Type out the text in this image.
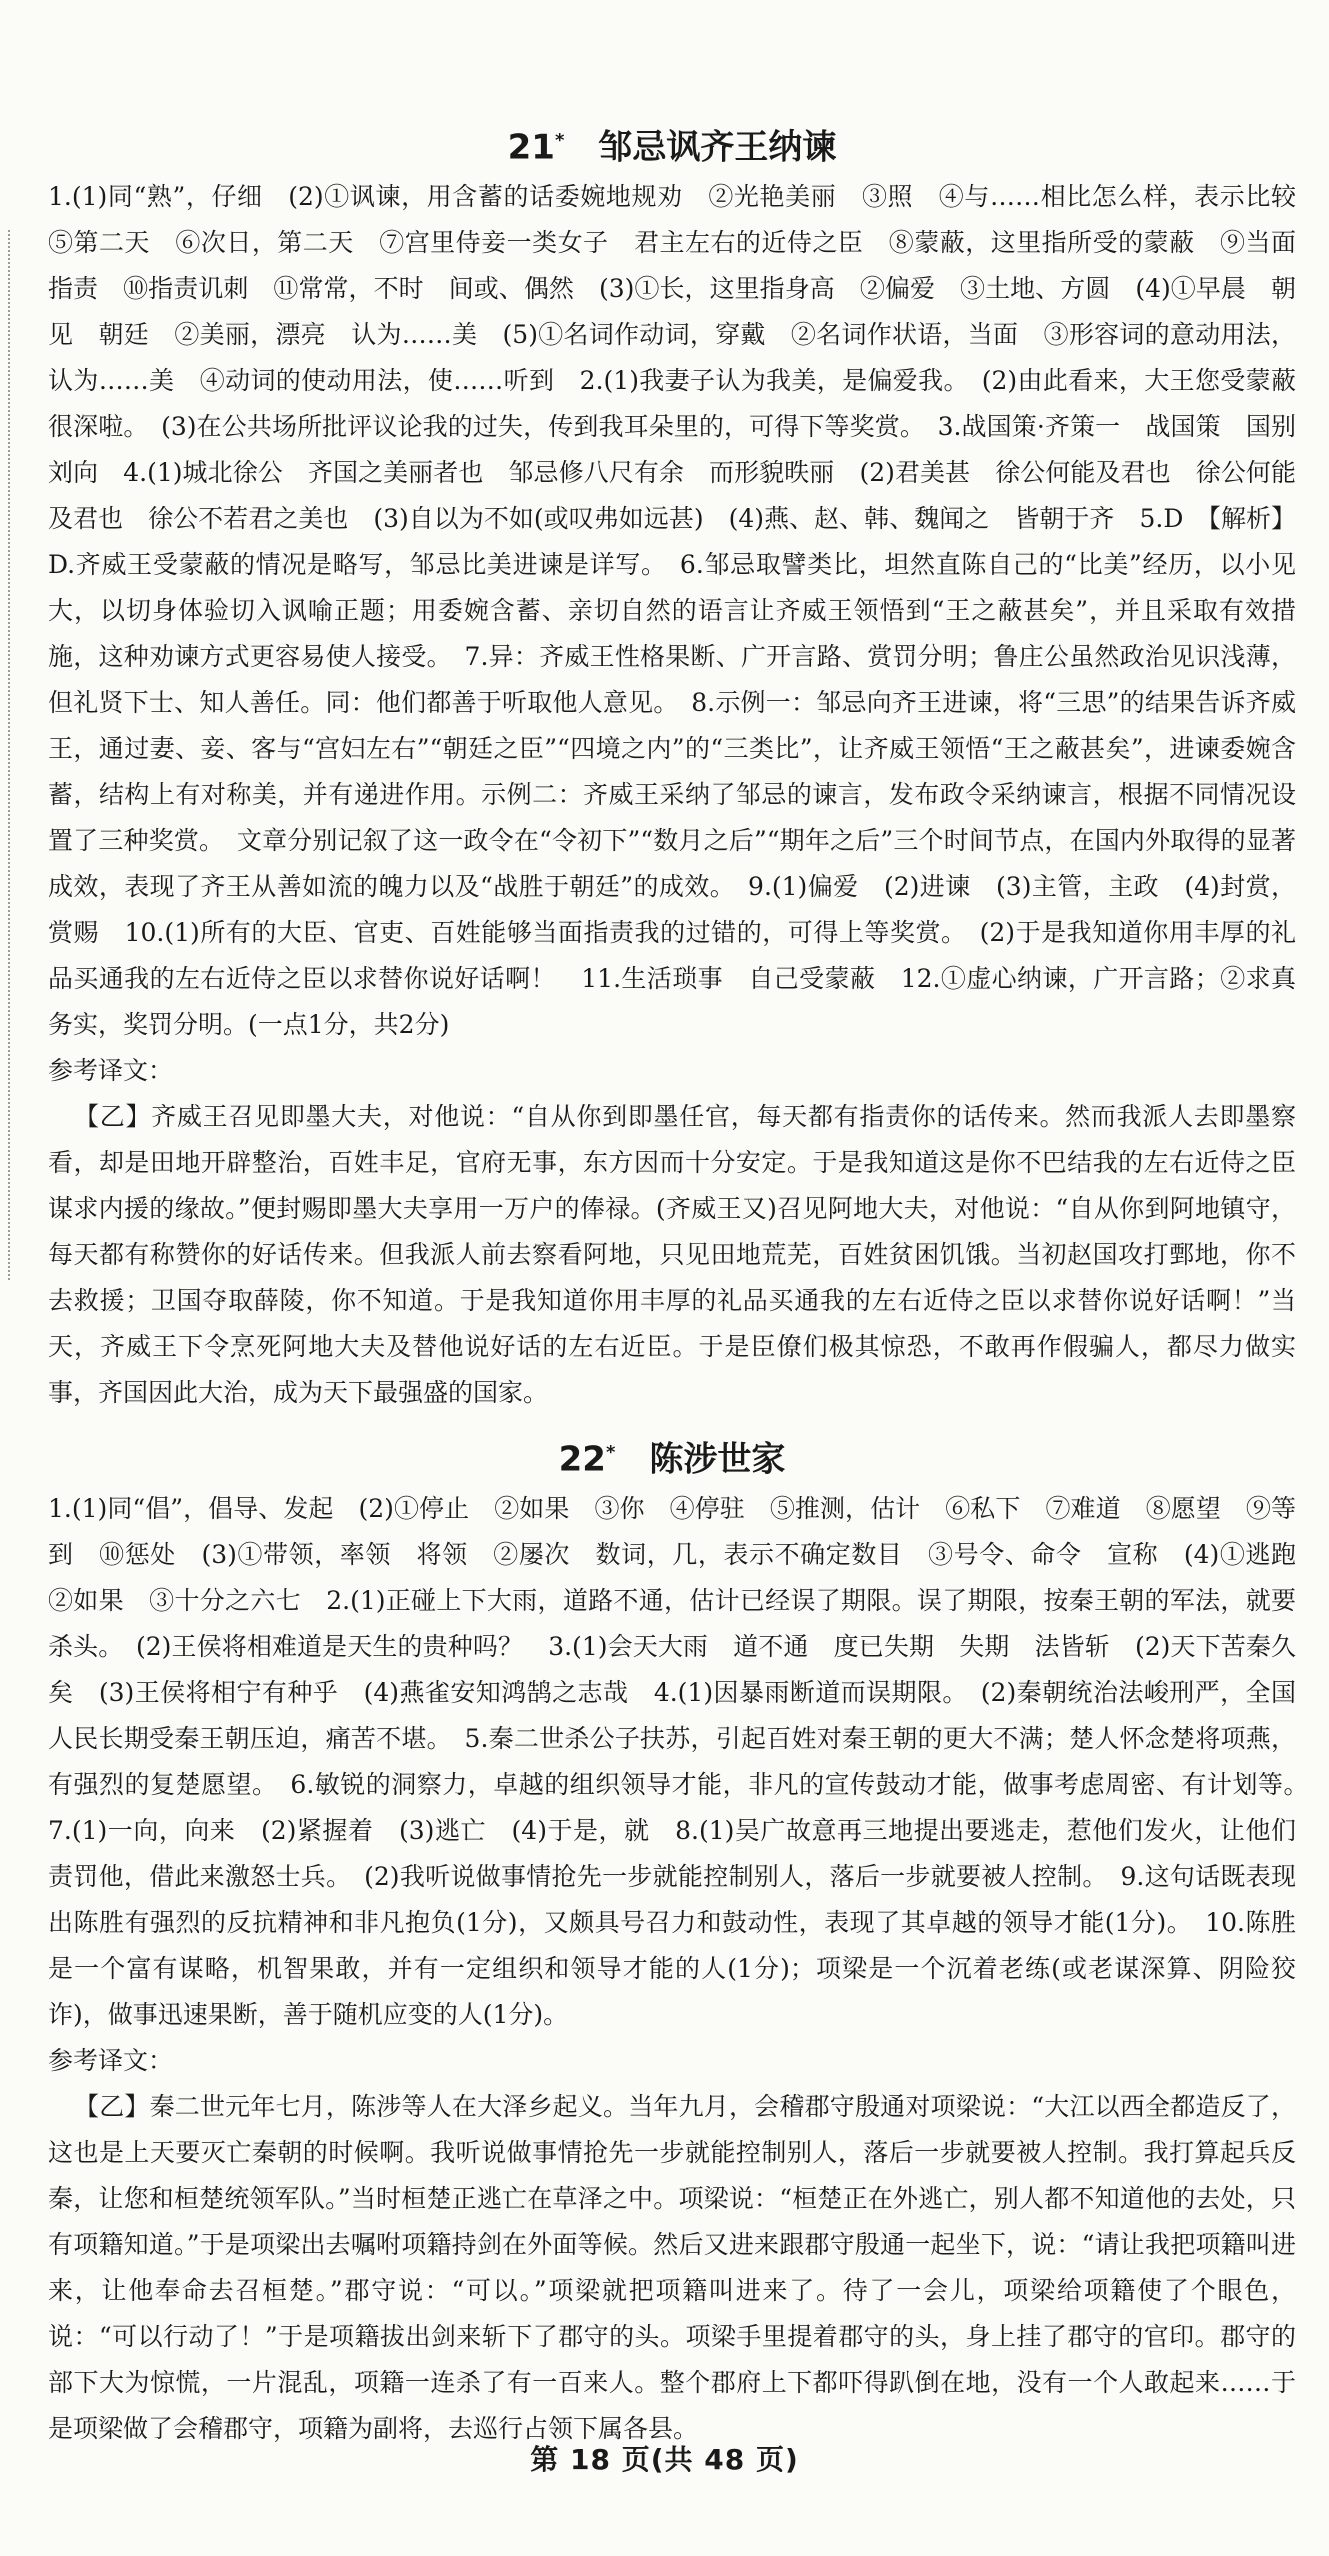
21* 邹忌讽齐王纳谏

1.(1)同“熟”，仔细　(2)①讽谏，用含蓄的话委婉地规劝　②光艳美丽　③照　④与……相比怎么样，表示比较　⑤第二天　⑥次日，第二天　⑦宫里侍妾一类女子　君主左右的近侍之臣　⑧蒙蔽，这里指所受的蒙蔽　⑨当面指责　⑩指责讥刺　⑪常常，不时　间或、偶然　(3)①长，这里指身高　②偏爱　③土地、方圆　(4)①早晨　朝见　朝廷　②美丽，漂亮　认为……美　(5)①名词作动词，穿戴　②名词作状语，当面　③形容词的意动用法，认为……美　④动词的使动用法，使……听到　2.(1)我妻子认为我美，是偏爱我。　(2)由此看来，大王您受蒙蔽很深啦。　(3)在公共场所批评议论我的过失，传到我耳朵里的，可得下等奖赏。　3.战国策·齐策一　战国策　国别　刘向　4.(1)城北徐公　齐国之美丽者也　邹忌修八尺有余　而形貌昳丽　(2)君美甚　徐公何能及君也　徐公何能及君也　徐公不若君之美也　(3)自以为不如(或叹弗如远甚)　(4)燕、赵、韩、魏闻之　皆朝于齐　5.D　【解析】D.齐威王受蒙蔽的情况是略写，邹忌比美进谏是详写。　6.邹忌取譬类比，坦然直陈自己的“比美”经历，以小见大，以切身体验切入讽喻正题；用委婉含蓄、亲切自然的语言让齐威王领悟到“王之蔽甚矣”，并且采取有效措施，这种劝谏方式更容易使人接受。　7.异：齐威王性格果断、广开言路、赏罚分明；鲁庄公虽然政治见识浅薄，但礼贤下士、知人善任。同：他们都善于听取他人意见。　8.示例一：邹忌向齐王进谏，将“三思”的结果告诉齐威王，通过妻、妾、客与“宫妇左右”“朝廷之臣”“四境之内”的“三类比”，让齐威王领悟“王之蔽甚矣”，进谏委婉含蓄，结构上有对称美，并有递进作用。示例二：齐威王采纳了邹忌的谏言，发布政令采纳谏言，根据不同情况设置了三种奖赏。　文章分别记叙了这一政令在“令初下”“数月之后”“期年之后”三个时间节点，在国内外取得的显著成效，表现了齐王从善如流的魄力以及“战胜于朝廷”的成效。　9.(1)偏爱　(2)进谏　(3)主管，主政　(4)封赏，赏赐　10.(1)所有的大臣、官吏、百姓能够当面指责我的过错的，可得上等奖赏。　(2)于是我知道你用丰厚的礼品买通我的左右近侍之臣以求替你说好话啊！　11.生活琐事　自己受蒙蔽　12.①虚心纳谏，广开言路；②求真务实，奖罚分明。(一点1分，共2分)

参考译文：

【乙】齐威王召见即墨大夫，对他说：“自从你到即墨任官，每天都有指责你的话传来。然而我派人去即墨察看，却是田地开辟整治，百姓丰足，官府无事，东方因而十分安定。于是我知道这是你不巴结我的左右近侍之臣谋求内援的缘故。”便封赐即墨大夫享用一万户的俸禄。(齐威王又)召见阿地大夫，对他说：“自从你到阿地镇守，每天都有称赞你的好话传来。但我派人前去察看阿地，只见田地荒芜，百姓贫困饥饿。当初赵国攻打鄄地，你不去救援；卫国夺取薛陵，你不知道。于是我知道你用丰厚的礼品买通我的左右近侍之臣以求替你说好话啊！”当天，齐威王下令烹死阿地大夫及替他说好话的左右近臣。于是臣僚们极其惊恐，不敢再作假骗人，都尽力做实事，齐国因此大治，成为天下最强盛的国家。

22* 陈涉世家

1.(1)同“倡”，倡导、发起　(2)①停止　②如果　③你　④停驻　⑤推测，估计　⑥私下　⑦难道　⑧愿望　⑨等到　⑩惩处　(3)①带领，率领　将领　②屡次　数词，几，表示不确定数目　③号令、命令　宣称　(4)①逃跑　②如果　③十分之六七　2.(1)正碰上下大雨，道路不通，估计已经误了期限。误了期限，按秦王朝的军法，就要杀头。　(2)王侯将相难道是天生的贵种吗？　3.(1)会天大雨　道不通　度已失期　失期　法皆斩　(2)天下苦秦久矣　(3)王侯将相宁有种乎　(4)燕雀安知鸿鹄之志哉　4.(1)因暴雨断道而误期限。　(2)秦朝统治法峻刑严，全国人民长期受秦王朝压迫，痛苦不堪。　5.秦二世杀公子扶苏，引起百姓对秦王朝的更大不满；楚人怀念楚将项燕，有强烈的复楚愿望。　6.敏锐的洞察力，卓越的组织领导才能，非凡的宣传鼓动才能，做事考虑周密、有计划等。　7.(1)一向，向来　(2)紧握着　(3)逃亡　(4)于是，就　8.(1)吴广故意再三地提出要逃走，惹他们发火，让他们责罚他，借此来激怒士兵。　(2)我听说做事情抢先一步就能控制别人，落后一步就要被人控制。　9.这句话既表现出陈胜有强烈的反抗精神和非凡抱负(1分)，又颇具号召力和鼓动性，表现了其卓越的领导才能(1分)。　10.陈胜是一个富有谋略，机智果敢，并有一定组织和领导才能的人(1分)；项梁是一个沉着老练(或老谋深算、阴险狡诈)，做事迅速果断，善于随机应变的人(1分)。

参考译文：

【乙】秦二世元年七月，陈涉等人在大泽乡起义。当年九月，会稽郡守殷通对项梁说：“大江以西全都造反了，这也是上天要灭亡秦朝的时候啊。我听说做事情抢先一步就能控制别人，落后一步就要被人控制。我打算起兵反秦，让您和桓楚统领军队。”当时桓楚正逃亡在草泽之中。项梁说：“桓楚正在外逃亡，别人都不知道他的去处，只有项籍知道。”于是项梁出去嘱咐项籍持剑在外面等候。然后又进来跟郡守殷通一起坐下，说：“请让我把项籍叫进来，让他奉命去召桓楚。”郡守说：“可以。”项梁就把项籍叫进来了。待了一会儿，项梁给项籍使了个眼色，说：“可以行动了！”于是项籍拔出剑来斩下了郡守的头。项梁手里提着郡守的头，身上挂了郡守的官印。郡守的部下大为惊慌，一片混乱，项籍一连杀了有一百来人。整个郡府上下都吓得趴倒在地，没有一个人敢起来……于是项梁做了会稽郡守，项籍为副将，去巡行占领下属各县。

第 18 页(共 48 页)
